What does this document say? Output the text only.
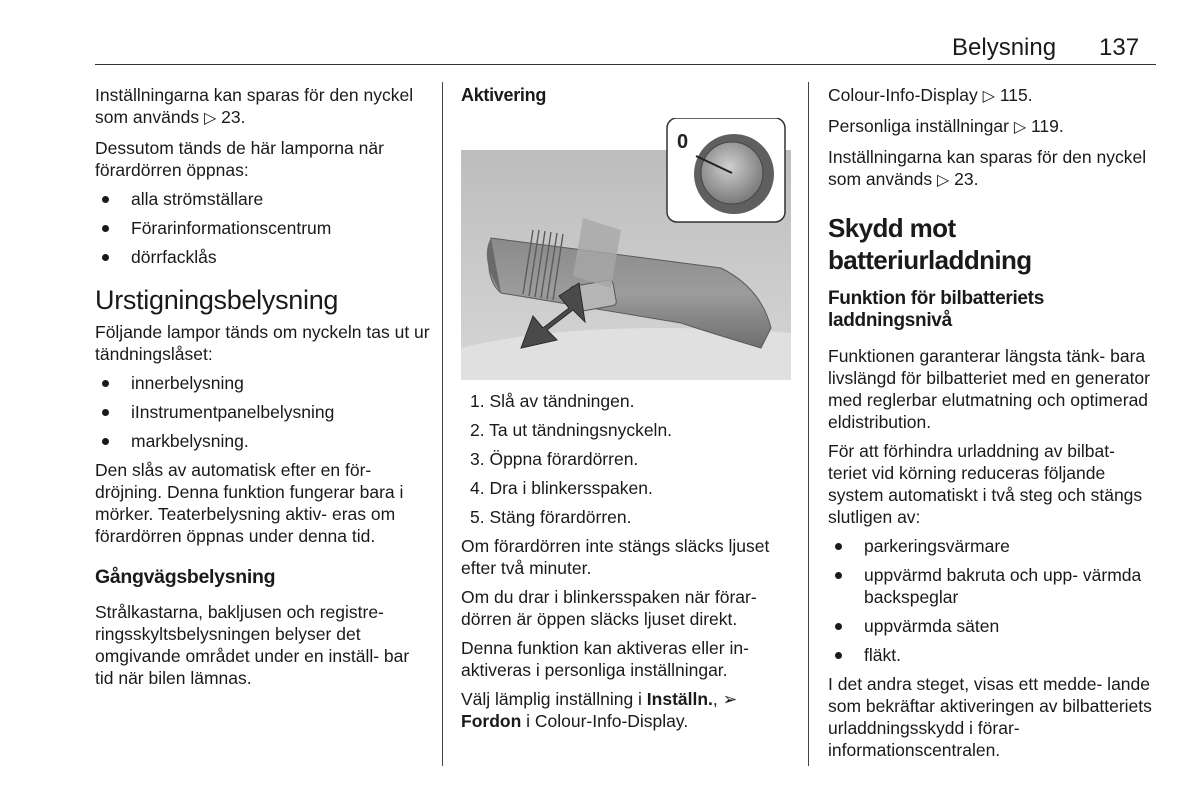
Belysning 137

Inställningarna kan sparas för den nyckel som används ▷ 23.

Dessutom tänds de här lamporna när förardörren öppnas:

alla strömställare
Förarinformationscentrum
dörrfacklås
Urstigningsbelysning

Följande lampor tänds om nyckeln tas ut ur tändningslåset:

innerbelysning
iInstrumentpanelbelysning
markbelysning.

Den slås av automatisk efter en för- dröjning. Denna funktion fungerar bara i mörker. Teaterbelysning aktiv- eras om förardörren öppnas under denna tid.

Gångvägsbelysning

Strålkastarna, bakljusen och registre- ringsskyltsbelysningen belyser det omgivande området under en inställ- bar tid när bilen lämnas.

Aktivering
0
1. Slå av tändningen.
2. Ta ut tändningsnyckeln.
3. Öppna förardörren.
4. Dra i blinkersspaken.
5. Stäng förardörren.

Om förardörren inte stängs släcks ljuset efter två minuter.

Om du drar i blinkersspaken när förar- dörren är öppen släcks ljuset direkt.

Denna funktion kan aktiveras eller in- aktiveras i personliga inställningar.

Välj lämplig inställning i Inställn., ➢ Fordon i Colour-Info-Display.

Colour-Info-Display ▷ 115.

Personliga inställningar ▷ 119.

Inställningarna kan sparas för den nyckel som används ▷ 23.

Skydd mot batteriurladdning
Funktion för bilbatteriets laddningsnivå

Funktionen garanterar längsta tänk- bara livslängd för bilbatteriet med en generator med reglerbar elutmatning och optimerad eldistribution.

För att förhindra urladdning av bilbat- teriet vid körning reduceras följande system automatiskt i två steg och stängs slutligen av:

parkeringsvärmare
uppvärmd bakruta och upp- värmda backspeglar
uppvärmda säten
fläkt.

I det andra steget, visas ett medde- lande som bekräftar aktiveringen av bilbatteriets urladdningsskydd i förar- informationscentralen.
